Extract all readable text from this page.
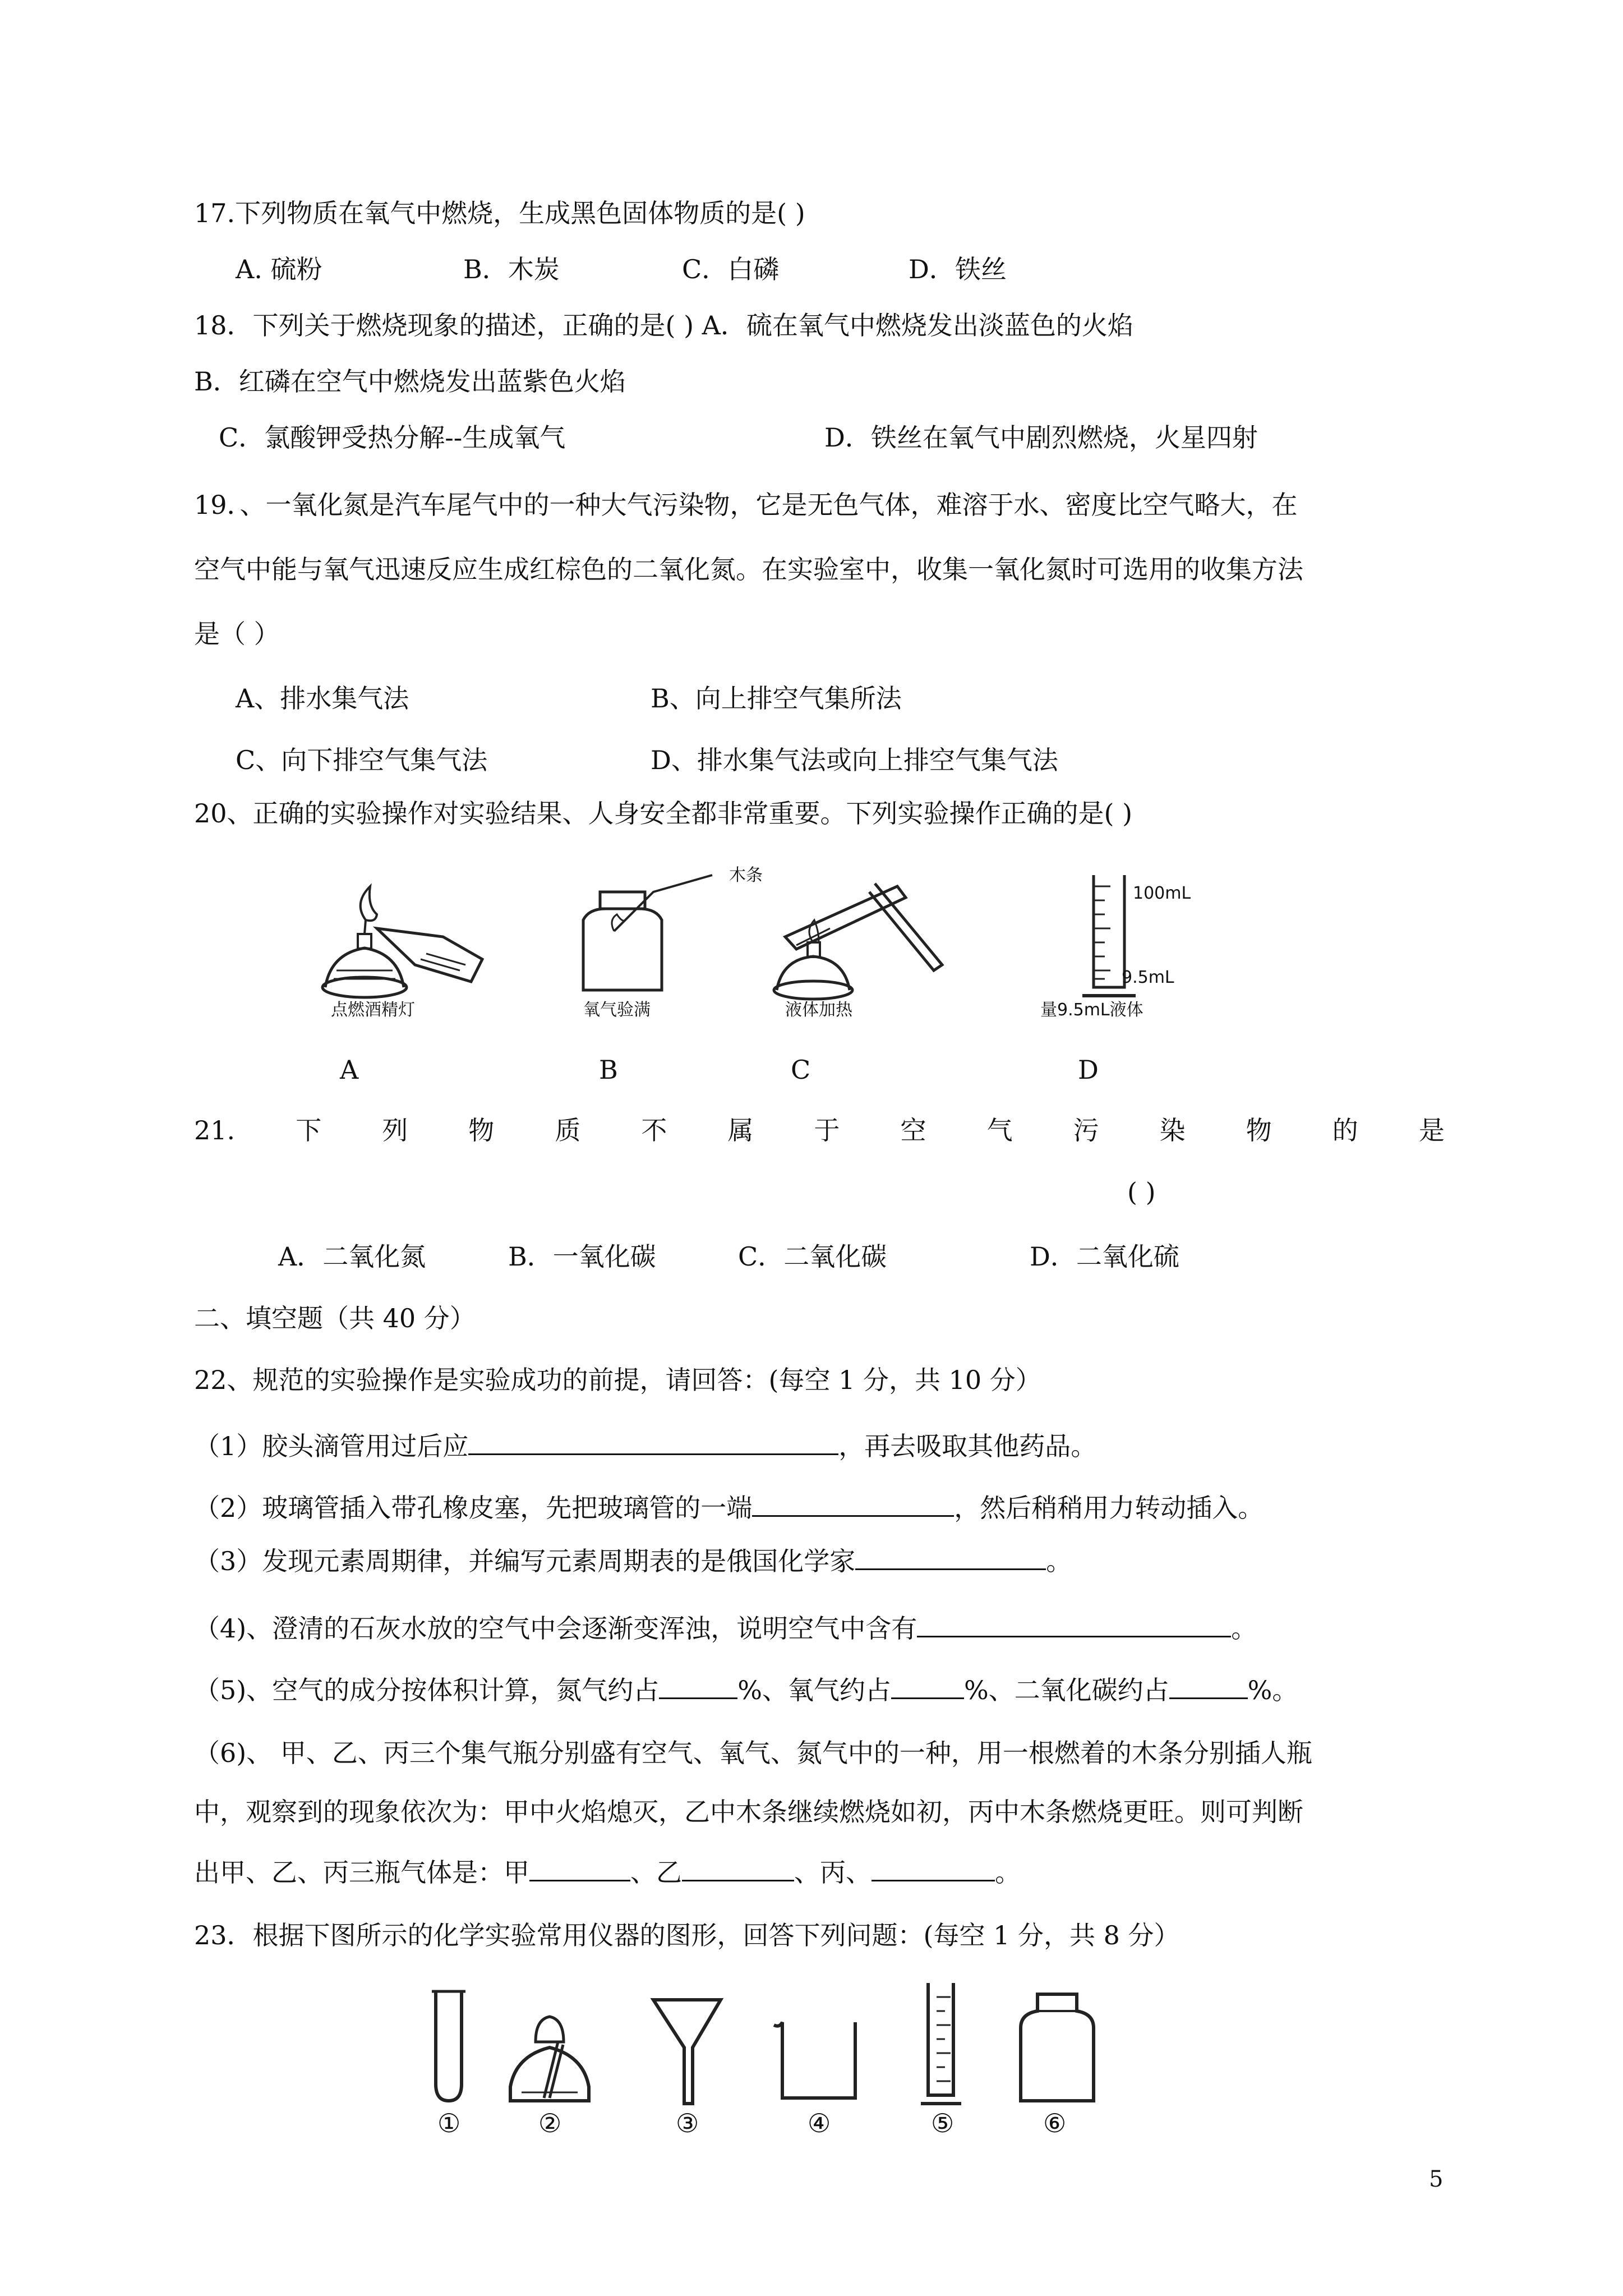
17.下列物质在氧气中燃烧，生成黑色固体物质的是( )
A. 硫粉	B．木炭	C．白磷	D．铁丝
18．下列关于燃烧现象的描述，正确的是( ) A．硫在氧气中燃烧发出淡蓝色的火焰
B．红磷在空气中燃烧发出蓝紫色火焰
C．氯酸钾受热分解--生成氧气	D．铁丝在氧气中剧烈燃烧，火星四射
19．、一氧化氮是汽车尾气中的一种大气污染物，它是无色气体，难溶于水、密度比空气略大，在
空气中能与氧气迅速反应生成红棕色的二氧化氮。在实验室中，收集一氧化氮时可选用的收集方法
是（ ）
A、排水集气法	B、向上排空气集所法
C、向下排空气集气法	D、排水集气法或向上排空气集气法
20、正确的实验操作对实验结果、人身安全都非常重要。下列实验操作正确的是( )
点燃酒精灯
木条
氧气验满	液体加热
100mL
9.5mL
量9.5mL液体
A	B	C	D
21. 下 列 物 质 不 属 于 空 气 污 染 物 的 是
( )
A．二氧化氮	B．一氧化碳	C．二氧化碳	D．二氧化硫
二、填空题（共 40 分）
22、规范的实验操作是实验成功的前提，请回答：(每空 1 分，共 10 分）
（1）胶头滴管用过后应	，再去吸取其他药品。
（2）玻璃管插入带孔橡皮塞，先把玻璃管的一端	，然后稍稍用力转动插入。
（3）发现元素周期律，并编写元素周期表的是俄国化学家	。
（4)、澄清的石灰水放的空气中会逐渐变浑浊，说明空气中含有	。
（5)、空气的成分按体积计算，氮气约占	%、氧气约占	%、二氧化碳约占	%。
（6)、 甲、乙、丙三个集气瓶分别盛有空气、氧气、氮气中的一种，用一根燃着的木条分别插人瓶
中，观察到的现象依次为：甲中火焰熄灭，乙中木条继续燃烧如初，丙中木条燃烧更旺。则可判断
出甲、乙、丙三瓶气体是：甲	、乙	、丙、	。
23．根据下图所示的化学实验常用仪器的图形，回答下列问题：(每空 1 分，共 8 分）
①	②	③	④	⑤	⑥
5
